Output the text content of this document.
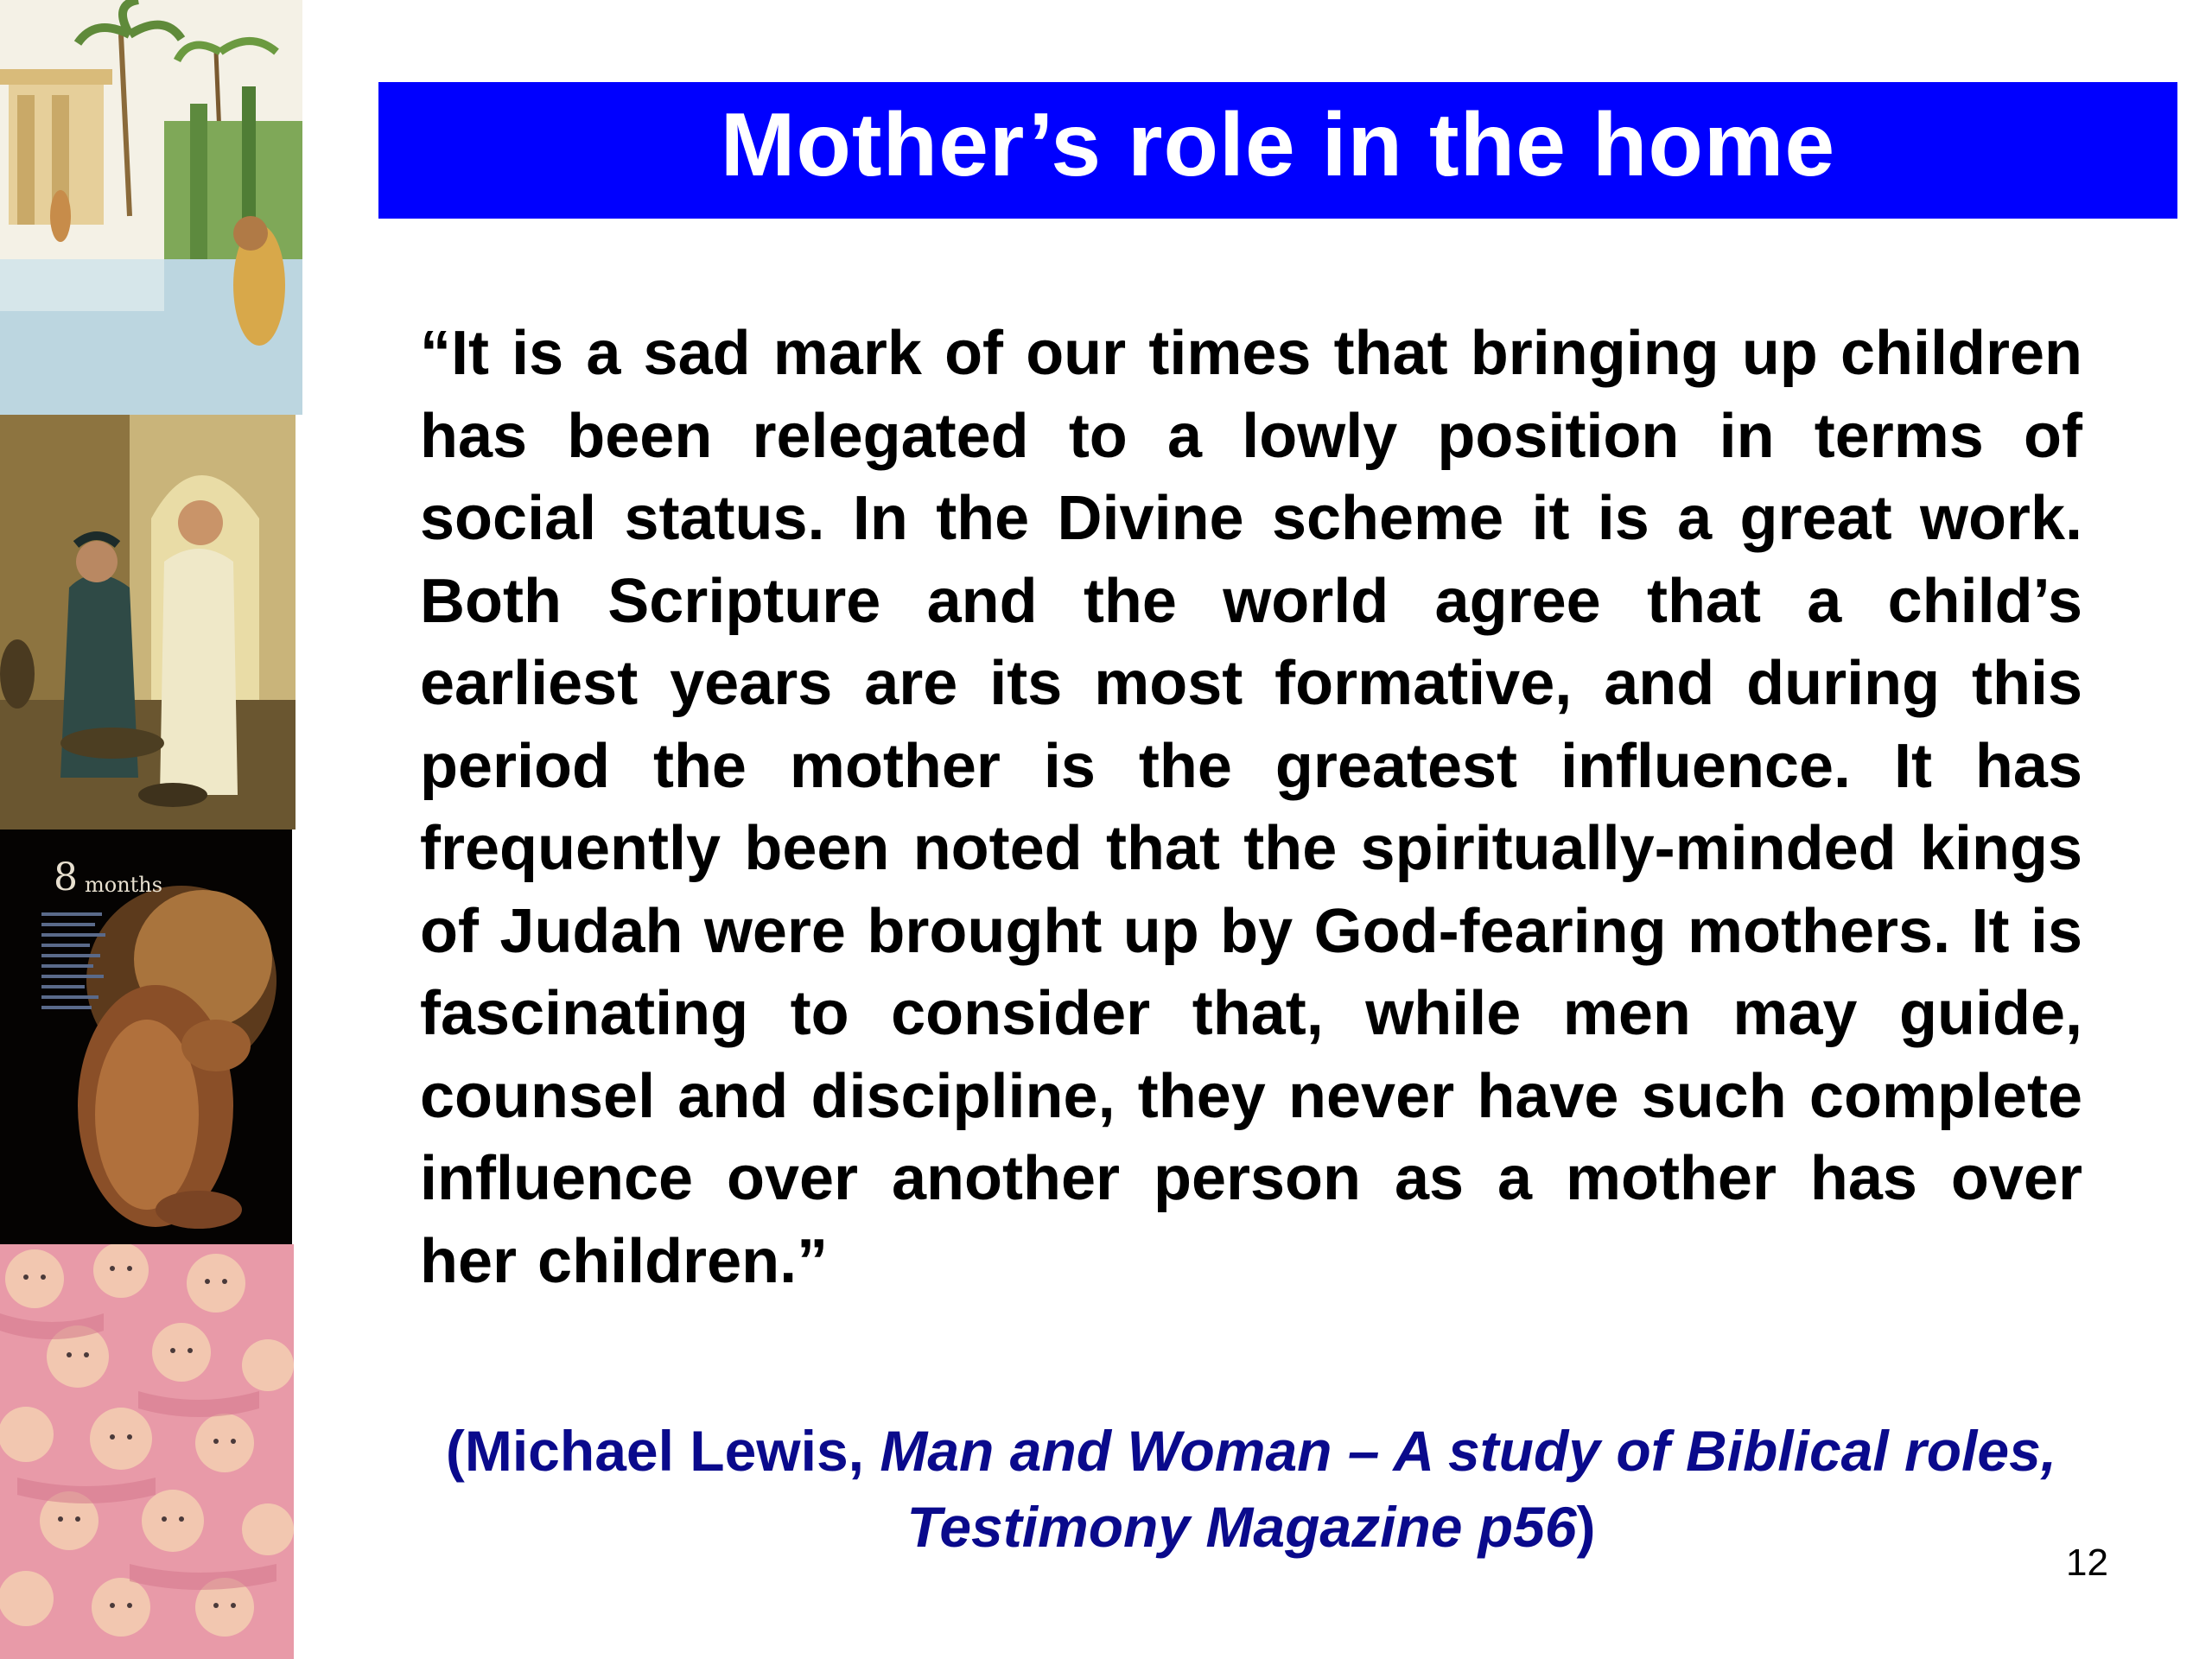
8 months
Mother’s role in the home
“It is a sad mark of our times that bringing up children has been relegated to a lowly position in terms of social status. In the Divine scheme it is a great work. Both Scripture and the world agree that a child’s earliest years are its most formative, and during this period the mother is the greatest influence. It has frequently been noted that the spiritually-minded kings of Judah were brought up by God-fearing mothers. It is fascinating to consider that, while men may guide, counsel and discipline, they never have such complete influence over another person as a mother has over her children.”
(Michael Lewis, Man and Woman – A study of Biblical roles, Testimony Magazine p56)
12
